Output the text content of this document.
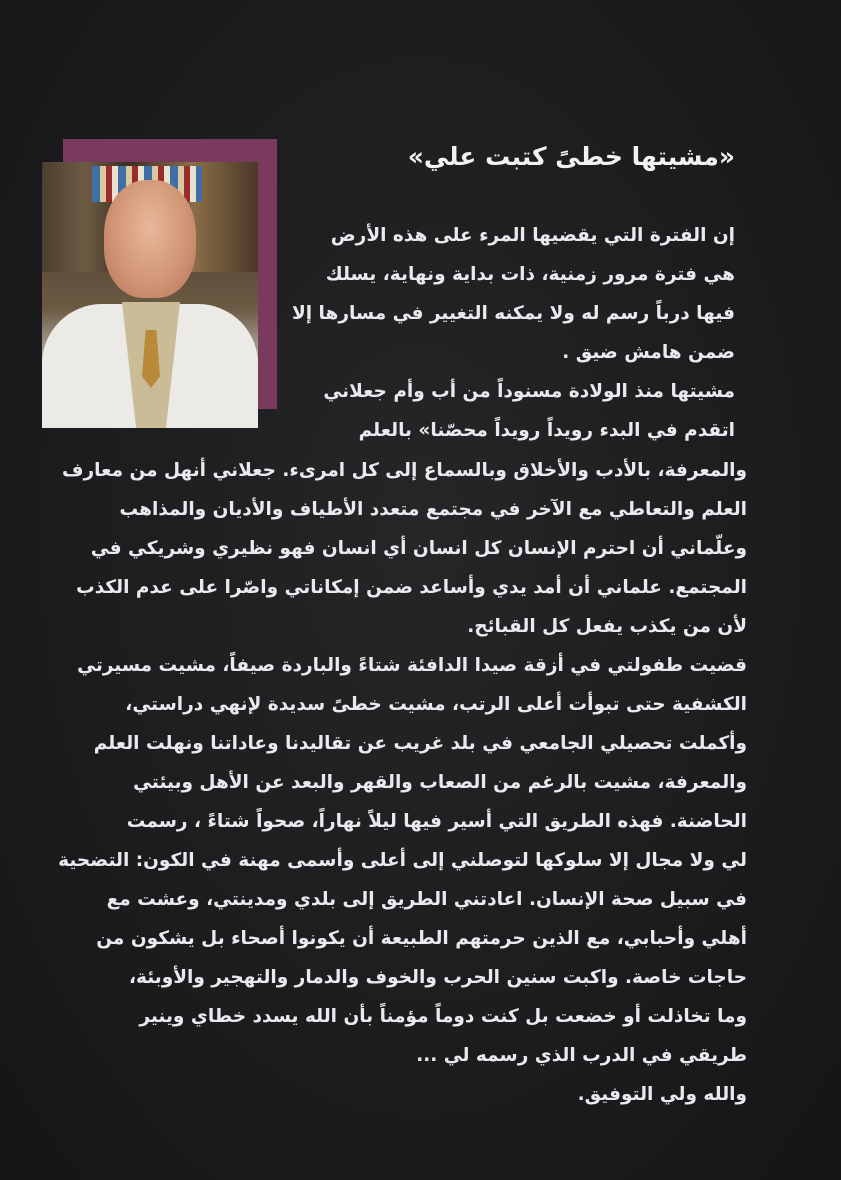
«مشيتها خطىً كتبت علي»

إن الفترة التي يقضيها المرء على هذه الأرض

هي فترة مرور زمنية، ذات بداية ونهاية، يسلك

فيها درباً رسم له ولا يمكنه التغيير في مسارها إلا

ضمن هامش ضيق .

مشيتها منذ الولادة مسنوداً من أب وأم جعلاني

اتقدم في البدء رويداً رويداً محصّنا» بالعلم

والمعرفة، بالأدب والأخلاق وبالسماع إلى كل امرىء. جعلاني أنهل من معارف

العلم والتعاطي مع الآخر في مجتمع متعدد الأطياف والأديان والمذاهب

وعلّماني أن احترم الإنسان كل انسان أي انسان فهو نظيري وشريكي في

المجتمع. علماني أن أمد يدي وأساعد ضمن إمكاناتي واصّرا على عدم الكذب

لأن من يكذب يفعل كل القبائح.

قضيت طفولتي في أزقة صيدا الدافئة شتاءً والباردة صيفاً، مشيت مسيرتي

الكشفية حتى تبوأت أعلى الرتب، مشيت خطىً سديدة لإنهي دراستي،

وأكملت تحصيلي الجامعي في بلد غريب عن تقاليدنا وعاداتنا ونهلت العلم

والمعرفة، مشيت بالرغم من الصعاب والقهر والبعد عن الأهل وبيئتي

الحاضنة. فهذه الطريق التي أسير فيها ليلاً نهاراً، صحواً شتاءً ، رسمت

لي ولا مجال إلا سلوكها لتوصلني إلى أعلى وأسمى مهنة في الكون: التضحية

في سبيل صحة الإنسان. اعادتني الطريق إلى بلدي ومدينتي، وعشت مع

أهلي وأحبابي، مع الذين حرمتهم الطبيعة أن يكونوا أصحاء بل يشكون من

حاجات خاصة. واكبت سنين الحرب والخوف والدمار والتهجير والأوبئة،

وما تخاذلت أو خضعت بل كنت دوماً مؤمناً بأن الله يسدد خطاي وينير

طريقي في الدرب الذي رسمه لي ...

والله ولي التوفيق.
